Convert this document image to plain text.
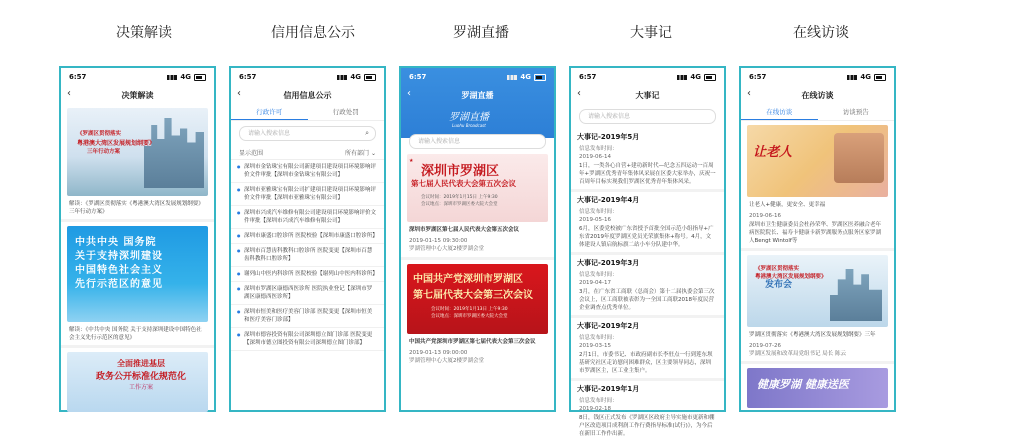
决策解读	信用信息公示	罗湖直播	大事记	在线访谈
6:57	4G
‹	决策解读
《罗湖区贯彻落实
粤港澳大湾区发展规划纲要》
三年行动方案
解读：《罗湖区贯彻落实《粤港澳大湾区发展规划纲要》三年行动方案》
中共中央 国务院
关于支持深圳建设
中国特色社会主义
先行示范区的意见
解读：《中共中央 国务院 关于支持深圳建设中国特色社会主义先行示范区的意见》
全面推进基层
政务公开标准化规范化
工作方案
6:57	4G
‹	信用信息公示
行政许可	行政处罚
请输入搜索信息	⌕
显示范围	所有部门 ⌄
● 深圳市金钻珠宝有限公司新建项目建设项目环境影响评价文件审批【深圳市金钻珠宝有限公司】
● 深圳市亚雅珠宝有限公司扩建项目建设项目环境影响评价文件审批【深圳市亚雅珠宝有限公司】
● 深圳市兴成汽车维修有限公司建设项目环境影响评价文件审批【深圳市兴成汽车维修有限公司】
● 深圳市康盛口腔诊所 医院校验【深圳市康盛口腔诊所】
● 深圳市百慧齿科教科口腔诊所 医院变更【深圳市百慧齿科教科口腔诊所】
● 谢列山中医内科诊所 医院校验【谢列山中医内科诊所】
● 深圳市罗湖区康德西医诊所 医院执业登记【深圳市罗湖区康德西医诊所】
● 深圳市恒美和医疗美容门诊部 医院变更【深圳市恒美和医疗美容门诊部】
● 深圳市德容投资有限公司深圳德立图门诊部 医院变更【深圳市德立图投资有限公司深圳德立图门诊部】
6:57	4G
‹	罗湖直播
罗湖直播
Luohu Broadcast
请输入搜索信息
★
深圳市罗湖区
第七届人民代表大会第五次会议
会议时间：2019年1月15日 上午9:30
会议地点：深圳市罗湖区委大院大会堂
深圳市罗湖区第七届人民代表大会第五次会议
2019-01-15 09:30:00
罗湖管理中心大厦2楼罗湖会堂
中国共产党深圳市罗湖区
第七届代表大会第三次会议
会议时间：2019年1月13日 上午9:30
会议地点：深圳市罗湖区委大院大会堂
中国共产党深圳市罗湖区第七届代表大会第三次会议
2019-01-13 09:00:00
罗湖管理中心大厦2楼罗湖会堂
6:57	4G
‹	大事记
请输入搜索信息
大事记-2019年5月
信息发布时间：
2019-06-14
1日，一类各心自营+建功新时代—纪念五四运动一百周年+罗湖区优秀青年集体风采展在区委大家举办，庆祝一百周年目标实现我们罗湖区优秀青年集体风采。
大事记-2019年4月
信息发布时间：
2019-05-16
6月，区委党校被广东省授予首批全国示范小组指导+广东省2019年度罗湖区党员光荣旗集体+称号。4月，文体建设人镇启航标旗二站小车分队建中华。
大事记-2019年3月
信息发布时间：
2019-04-17
3月，在广东省工商联（总商会）第十二届执委会第三次会议上，区工商联被表彰为一全国工商联2018年度民营企业调查点优秀单位。
大事记-2019年2月
信息发布时间：
2019-03-15
2月1日，市委书记、市政府副市长李驻点一行到莲东坝基研究社区走访慰问困难群众，区主要领导同志，深圳市罗湖区主，区工业主集户。
大事记-2019年1月
信息发布时间：
2019-02-18
8日，钱区正式发布《罗湖区区政府主导实施市更新和棚户区改造项目成利润工作行费指导标准(试行)》，为今后在新旧工作作出新。
6:57	4G
‹	在线访谈
在线访谈	访谈预告
让老人
让老人+健康，更安全、更幸福
2019-06-16
深圳市卫生健康委员会杜孙荣华、罗湖区医养融合老年病医院院长、福寿卡健康卡新罗湖服务点服务区家罗湖人Bengt Wintolf等
《罗湖区贯彻落实
粤港澳大湾区发展规划纲要》
发布会
罗湖区贯彻落实《粤港澳大湾区发展规划纲要》三年
2019-07-26
罗湖区发展和改革局党组书记 局长 陈云
健康罗湖 健康送医
